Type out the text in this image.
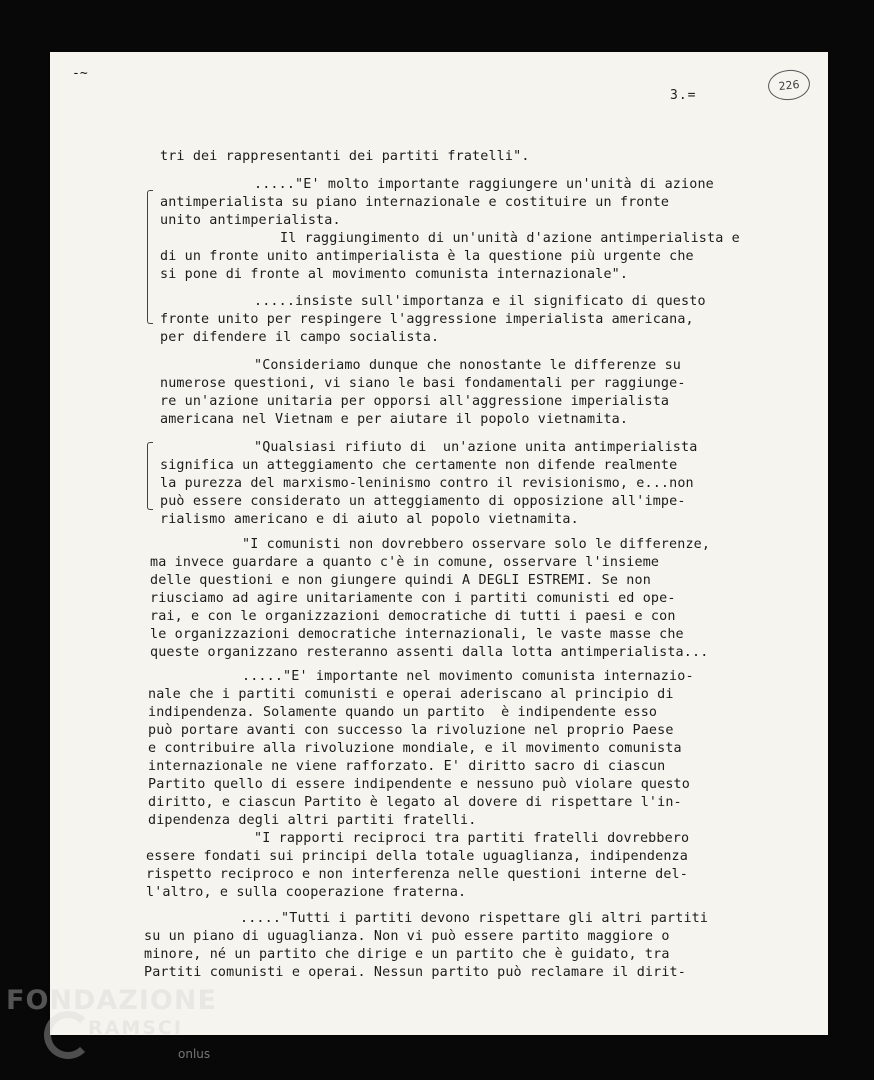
-~
3.=
226
tri dei rappresentanti dei partiti fratelli".
....."E' molto importante raggiungere un'unità di azione
antimperialista su piano internazionale e costituire un fronte
unito antimperialista.
Il raggiungimento di un'unità d'azione antimperialista e
di un fronte unito antimperialista è la questione più urgente che
si pone di fronte al movimento comunista internazionale".
.....insiste sull'importanza e il significato di questo
fronte unito per respingere l'aggressione imperialista americana,
per difendere il campo socialista.
"Consideriamo dunque che nonostante le differenze su
numerose questioni, vi siano le basi fondamentali per raggiunge-
re un'azione unitaria per opporsi all'aggressione imperialista
americana nel Vietnam e per aiutare il popolo vietnamita.
"Qualsiasi rifiuto di  un'azione unita antimperialista
significa un atteggiamento che certamente non difende realmente
la purezza del marxismo-leninismo contro il revisionismo, e...non
può essere considerato un atteggiamento di opposizione all'impe-
rialismo americano e di aiuto al popolo vietnamita.
"I comunisti non dovrebbero osservare solo le differenze,
ma invece guardare a quanto c'è in comune, osservare l'insieme
delle questioni e non giungere quindi A DEGLI ESTREMI. Se non
riusciamo ad agire unitariamente con i partiti comunisti ed ope-
rai, e con le organizzazioni democratiche di tutti i paesi e con
le organizzazioni democratiche internazionali, le vaste masse che
queste organizzano resteranno assenti dalla lotta antimperialista...
....."E' importante nel movimento comunista internazio-
nale che i partiti comunisti e operai aderiscano al principio di
indipendenza. Solamente quando un partito  è indipendente esso
può portare avanti con successo la rivoluzione nel proprio Paese
e contribuire alla rivoluzione mondiale, e il movimento comunista
internazionale ne viene rafforzato. E' diritto sacro di ciascun
Partito quello di essere indipendente e nessuno può violare questo
diritto, e ciascun Partito è legato al dovere di rispettare l'in-
dipendenza degli altri partiti fratelli.
"I rapporti reciproci tra partiti fratelli dovrebbero
essere fondati sui principi della totale uguaglianza, indipendenza
rispetto reciproco e non interferenza nelle questioni interne del-
l'altro, e sulla cooperazione fraterna.
....."Tutti i partiti devono rispettare gli altri partiti
su un piano di uguaglianza. Non vi può essere partito maggiore o
minore, né un partito che dirige e un partito che è guidato, tra
Partiti comunisti e operai. Nessun partito può reclamare il dirit-
FONDAZIONE
RAMSCI
onlus
